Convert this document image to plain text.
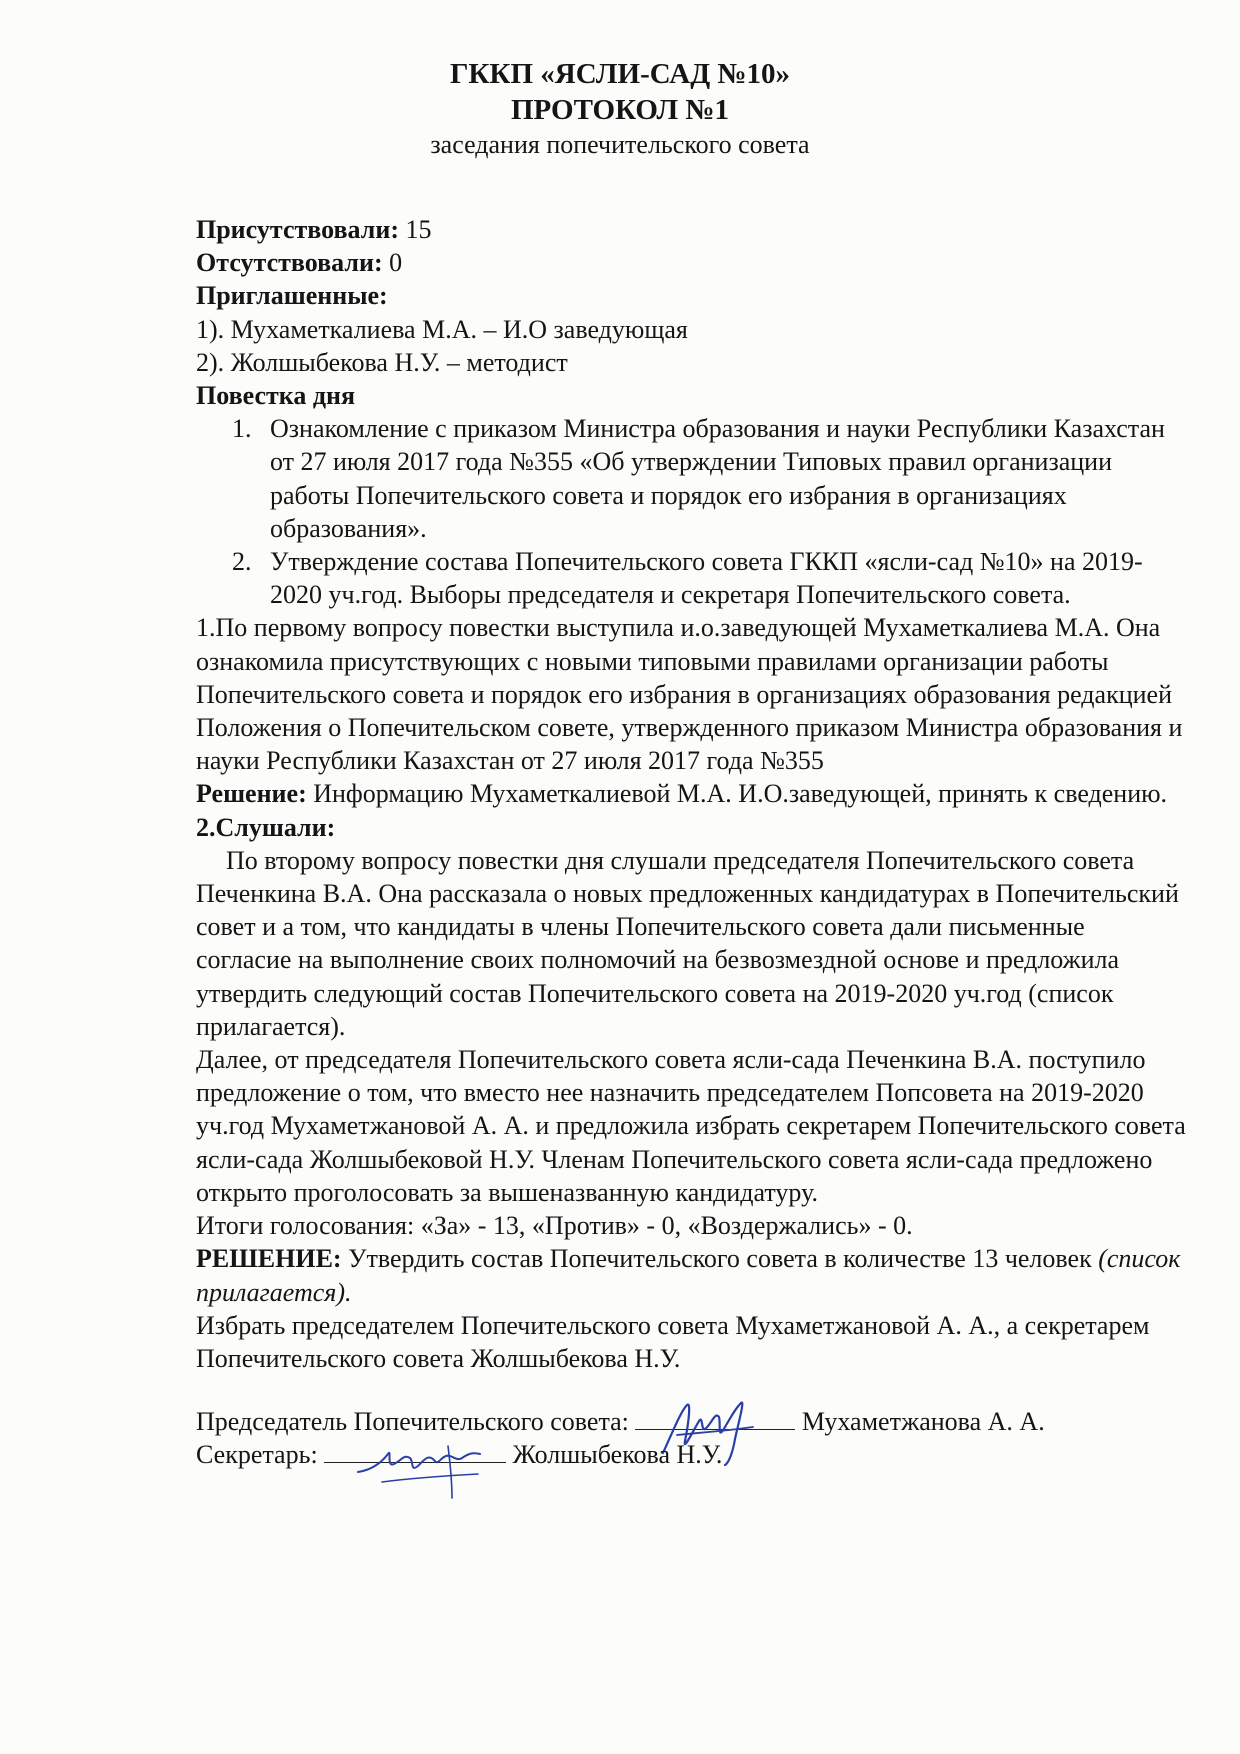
ГККП «ЯСЛИ-САД №10»
ПРОТОКОЛ №1
заседания попечительского совета

Присутствовали: 15

Отсутствовали: 0

Приглашенные:

1). Мухаметкалиева М.А. – И.О заведующая

2). Жолшыбекова Н.У. – методист

Повестка дня

1. Ознакомление с приказом Министра образования и науки Республики Казахстан от 27 июля 2017 года №355 «Об утверждении Типовых правил организации работы Попечительского совета и порядок его избрания в организациях образования».
2. Утверждение состава Попечительского совета ГККП «ясли-сад №10» на 2019-2020 уч.год. Выборы председателя и секретаря Попечительского совета.

1.По первому вопросу повестки выступила и.о.заведующей Мухаметкалиева М.А. Она ознакомила присутствующих с новыми типовыми правилами организации работы Попечительского совета и порядок его избрания в организациях образования редакцией Положения о Попечительском совете, утвержденного приказом Министра образования и науки Республики Казахстан от 27 июля 2017 года №355

Решение: Информацию Мухаметкалиевой М.А. И.О.заведующей, принять к сведению.

2.Слушали:

По второму вопросу повестки дня слушали председателя Попечительского совета Печенкина В.А. Она рассказала о новых предложенных кандидатурах в Попечительский совет и а том, что кандидаты в члены Попечительского совета дали письменные согласие на выполнение своих полномочий на безвозмездной основе и предложила утвердить следующий состав Попечительского совета на 2019-2020 уч.год (список прилагается).

Далее, от председателя Попечительского совета ясли-сада Печенкина В.А. поступило предложение о том, что вместо нее назначить председателем Попсовета на 2019-2020 уч.год Мухаметжановой А. А. и предложила избрать секретарем Попечительского совета ясли-сада Жолшыбековой Н.У. Членам Попечительского совета ясли-сада предложено открыто проголосовать за вышеназванную кандидатуру.

Итоги голосования: «За» - 13, «Против» - 0, «Воздержались» - 0.

РЕШЕНИЕ: Утвердить состав Попечительского совета в количестве 13 человек (список прилагается).

Избрать председателем Попечительского совета Мухаметжановой А. А., а секретарем Попечительского совета Жолшыбекова Н.У.

Председатель Попечительского совета:	Мухаметжанова А. А.
Секретарь:	Жолшыбекова Н.У.
